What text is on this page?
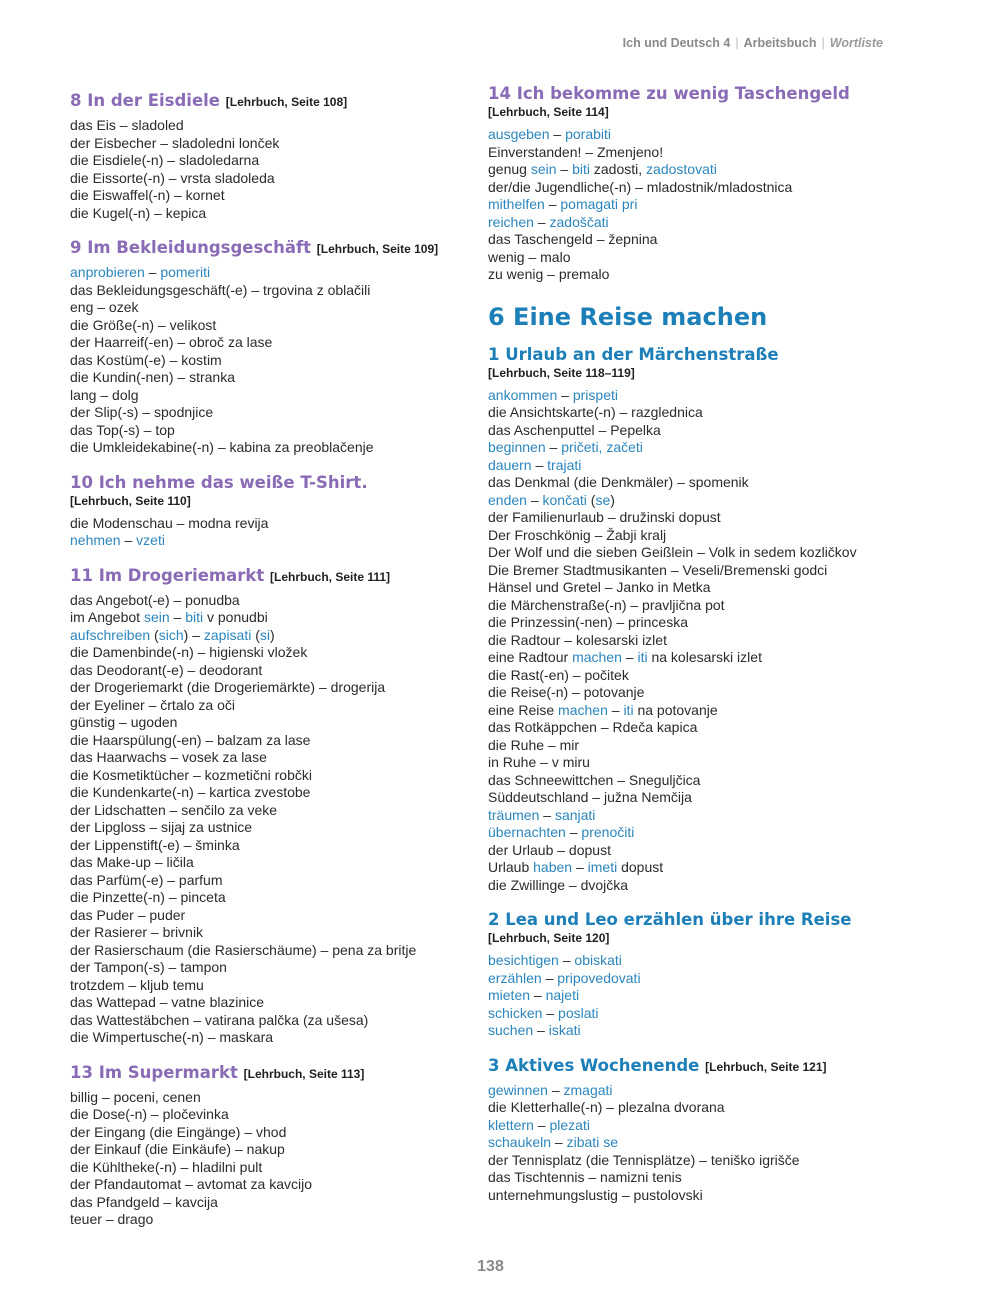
Ich und Deutsch 4 | Arbeitsbuch | Wortliste
8 In der Eisdiele [Lehrbuch, Seite 108]
das Eis – sladoled
der Eisbecher – sladoledni lonček
die Eisdiele(-n) – sladoledarna
die Eissorte(-n) – vrsta sladoleda
die Eiswaffel(-n) – kornet
die Kugel(-n) – kepica
9 Im Bekleidungsgeschäft [Lehrbuch, Seite 109]
anprobieren – pomeriti
das Bekleidungsgeschäft(-e) – trgovina z oblačili
eng – ozek
die Größe(-n) – velikost
der Haarreif(-en) – obroč za lase
das Kostüm(-e) – kostim
die Kundin(-nen) – stranka
lang – dolg
der Slip(-s) – spodnjice
das Top(-s) – top
die Umkleidekabine(-n) – kabina za preoblačenje
10 Ich nehme das weiße T-Shirt.
[Lehrbuch, Seite 110]
die Modenschau – modna revija
nehmen – vzeti
11 Im Drogeriemarkt [Lehrbuch, Seite 111]
das Angebot(-e) – ponudba
im Angebot sein – biti v ponudbi
aufschreiben (sich) – zapisati (si)
die Damenbinde(-n) – higienski vložek
das Deodorant(-e) – deodorant
der Drogeriemarkt (die Drogeriemärkte) – drogerija
der Eyeliner – črtalo za oči
günstig – ugoden
die Haarspülung(-en) – balzam za lase
das Haarwachs – vosek za lase
die Kosmetiktücher – kozmetični robčki
die Kundenkarte(-n) – kartica zvestobe
der Lidschatten – senčilo za veke
der Lipgloss – sijaj za ustnice
der Lippenstift(-e) – šminka
das Make-up – ličila
das Parfüm(-e) – parfum
die Pinzette(-n) – pinceta
das Puder – puder
der Rasierer – brivnik
der Rasierschaum (die Rasierschäume) – pena za britje
der Tampon(-s) – tampon
trotzdem – kljub temu
das Wattepad – vatne blazinice
das Wattestäbchen – vatirana palčka (za ušesa)
die Wimpertusche(-n) – maskara
13 Im Supermarkt [Lehrbuch, Seite 113]
billig – poceni, cenen
die Dose(-n) – pločevinka
der Eingang (die Eingänge) – vhod
der Einkauf (die Einkäufe) – nakup
die Kühltheke(-n) – hladilni pult
der Pfandautomat – avtomat za kavcijo
das Pfandgeld – kavcija
teuer – drago
14 Ich bekomme zu wenig Taschengeld
[Lehrbuch, Seite 114]
ausgeben – porabiti
Einverstanden! – Zmenjeno!
genug sein – biti zadosti, zadostovati
der/die Jugendliche(-n) – mladostnik/mladostnica
mithelfen – pomagati pri
reichen – zadoščati
das Taschengeld – žepnina
wenig – malo
zu wenig – premalo
6 Eine Reise machen
1 Urlaub an der Märchenstraße
[Lehrbuch, Seite 118–119]
ankommen – prispeti
die Ansichtskarte(-n) – razglednica
das Aschenputtel – Pepelka
beginnen – pričeti, začeti
dauern – trajati
das Denkmal (die Denkmäler) – spomenik
enden – končati (se)
der Familienurlaub – družinski dopust
Der Froschkönig – Žabji kralj
Der Wolf und die sieben Geißlein – Volk in sedem kozličkov
Die Bremer Stadtmusikanten – Veseli/Bremenski godci
Hänsel und Gretel – Janko in Metka
die Märchenstraße(-n) – pravljična pot
die Prinzessin(-nen) – princeska
die Radtour – kolesarski izlet
eine Radtour machen – iti na kolesarski izlet
die Rast(-en) – počitek
die Reise(-n) – potovanje
eine Reise machen – iti na potovanje
das Rotkäppchen – Rdeča kapica
die Ruhe – mir
in Ruhe – v miru
das Schneewittchen – Sneguljčica
Süddeutschland – južna Nemčija
träumen – sanjati
übernachten – prenočiti
der Urlaub – dopust
Urlaub haben – imeti dopust
die Zwillinge – dvojčka
2 Lea und Leo erzählen über ihre Reise
[Lehrbuch, Seite 120]
besichtigen – obiskati
erzählen – pripovedovati
mieten – najeti
schicken – poslati
suchen – iskati
3 Aktives Wochenende [Lehrbuch, Seite 121]
gewinnen – zmagati
die Kletterhalle(-n) – plezalna dvorana
klettern – plezati
schaukeln – zibati se
der Tennisplatz (die Tennisplätze) – teniško igrišče
das Tischtennis – namizni tenis
unternehmungslustig – pustolovski
138
